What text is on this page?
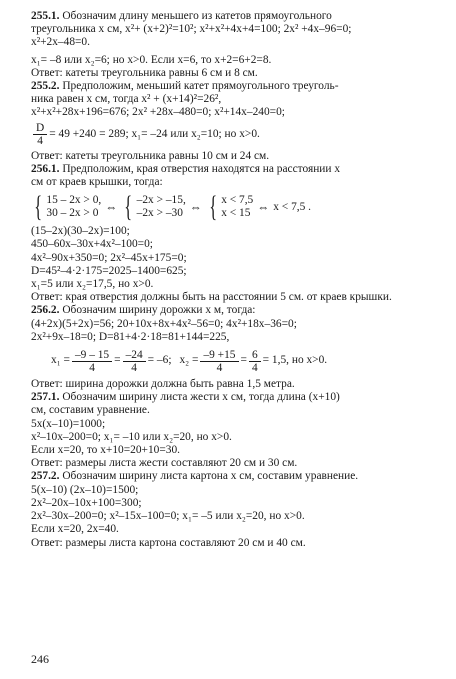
255.1. Обозначим длину меньшего из катетов прямоугольного
треугольника x см, x²+ (x+2)²=10²; x²+x²+4x+4=100; 2x² +4x–96=0;
x²+2x–48=0.
x₁= –8 или x₂=6; но x>0. Если x=6, то x+2=6+2=8.
Ответ: катеты треугольника равны 6 см и 8 см.
255.2. Предположим, меньший катет прямоугольного треуголь-
ника равен x см, тогда x² + (x+14)²=26²,
x²+x²+28x+196=676; 2x² +28x–480=0; x²+14x–240=0;
$\frac{D}{4} = 49 +240 = 289$; x₁= –24 или x₂=10; но x>0.
Ответ: катеты треугольника равны 10 см и 24 см.
256.1. Предположим, края отверстия находятся на расстоянии x
см от краев крышки, тогда:
{ 15 – 2x > 0,
30 – 2x > 0 ⇔ { –2x > –15,
–2x > –30 ⇔ { x < 7,5
x < 15 ⇔ x < 7,5 .
(15–2x)(30–2x)=100;
450–60x–30x+4x²–100=0;
4x²–90x+350=0; 2x²–45x+175=0;
D=45²–4·2·175=2025–1400=625;
x₁=5 или x₂=17,5, но x>0.
Ответ: края отверстия должны быть на расстоянии 5 см. от краев крышки.
256.2. Обозначим ширину дорожки x м, тогда:
(4+2x)(5+2x)=56; 20+10x+8x+4x²–56=0; 4x²+18x–36=0;
2x²+9x–18=0; D=81+4·2·18=81+144=225,
$x_1 = \frac{-9 - 15}{4} = \frac{-24}{4} = -6$; $x_2 = \frac{-9 +15}{4} = \frac{6}{4} = 1,5$, но x>0.
Ответ: ширина дорожки должна быть равна 1,5 метра.
257.1. Обозначим ширину листа жести x см, тогда длина (x+10)
см, составим уравнение.
5x(x–10)=1000;
x²–10x–200=0; x₁= –10 или x₂=20, но x>0.
Если x=20, то x+10=20+10=30.
Ответ: размеры листа жести составляют 20 см и 30 см.
257.2. Обозначим ширину листа картона x см, составим уравнение.
5(x–10) (2x–10)=1500;
2x²–20x–10x+100=300;
2x²–30x–200=0; x²–15x–100=0; x₁= –5 или x₂=20, но x>0.
Если x=20, 2x=40.
Ответ: размеры листа картона составляют 20 см и 40 см.
246
